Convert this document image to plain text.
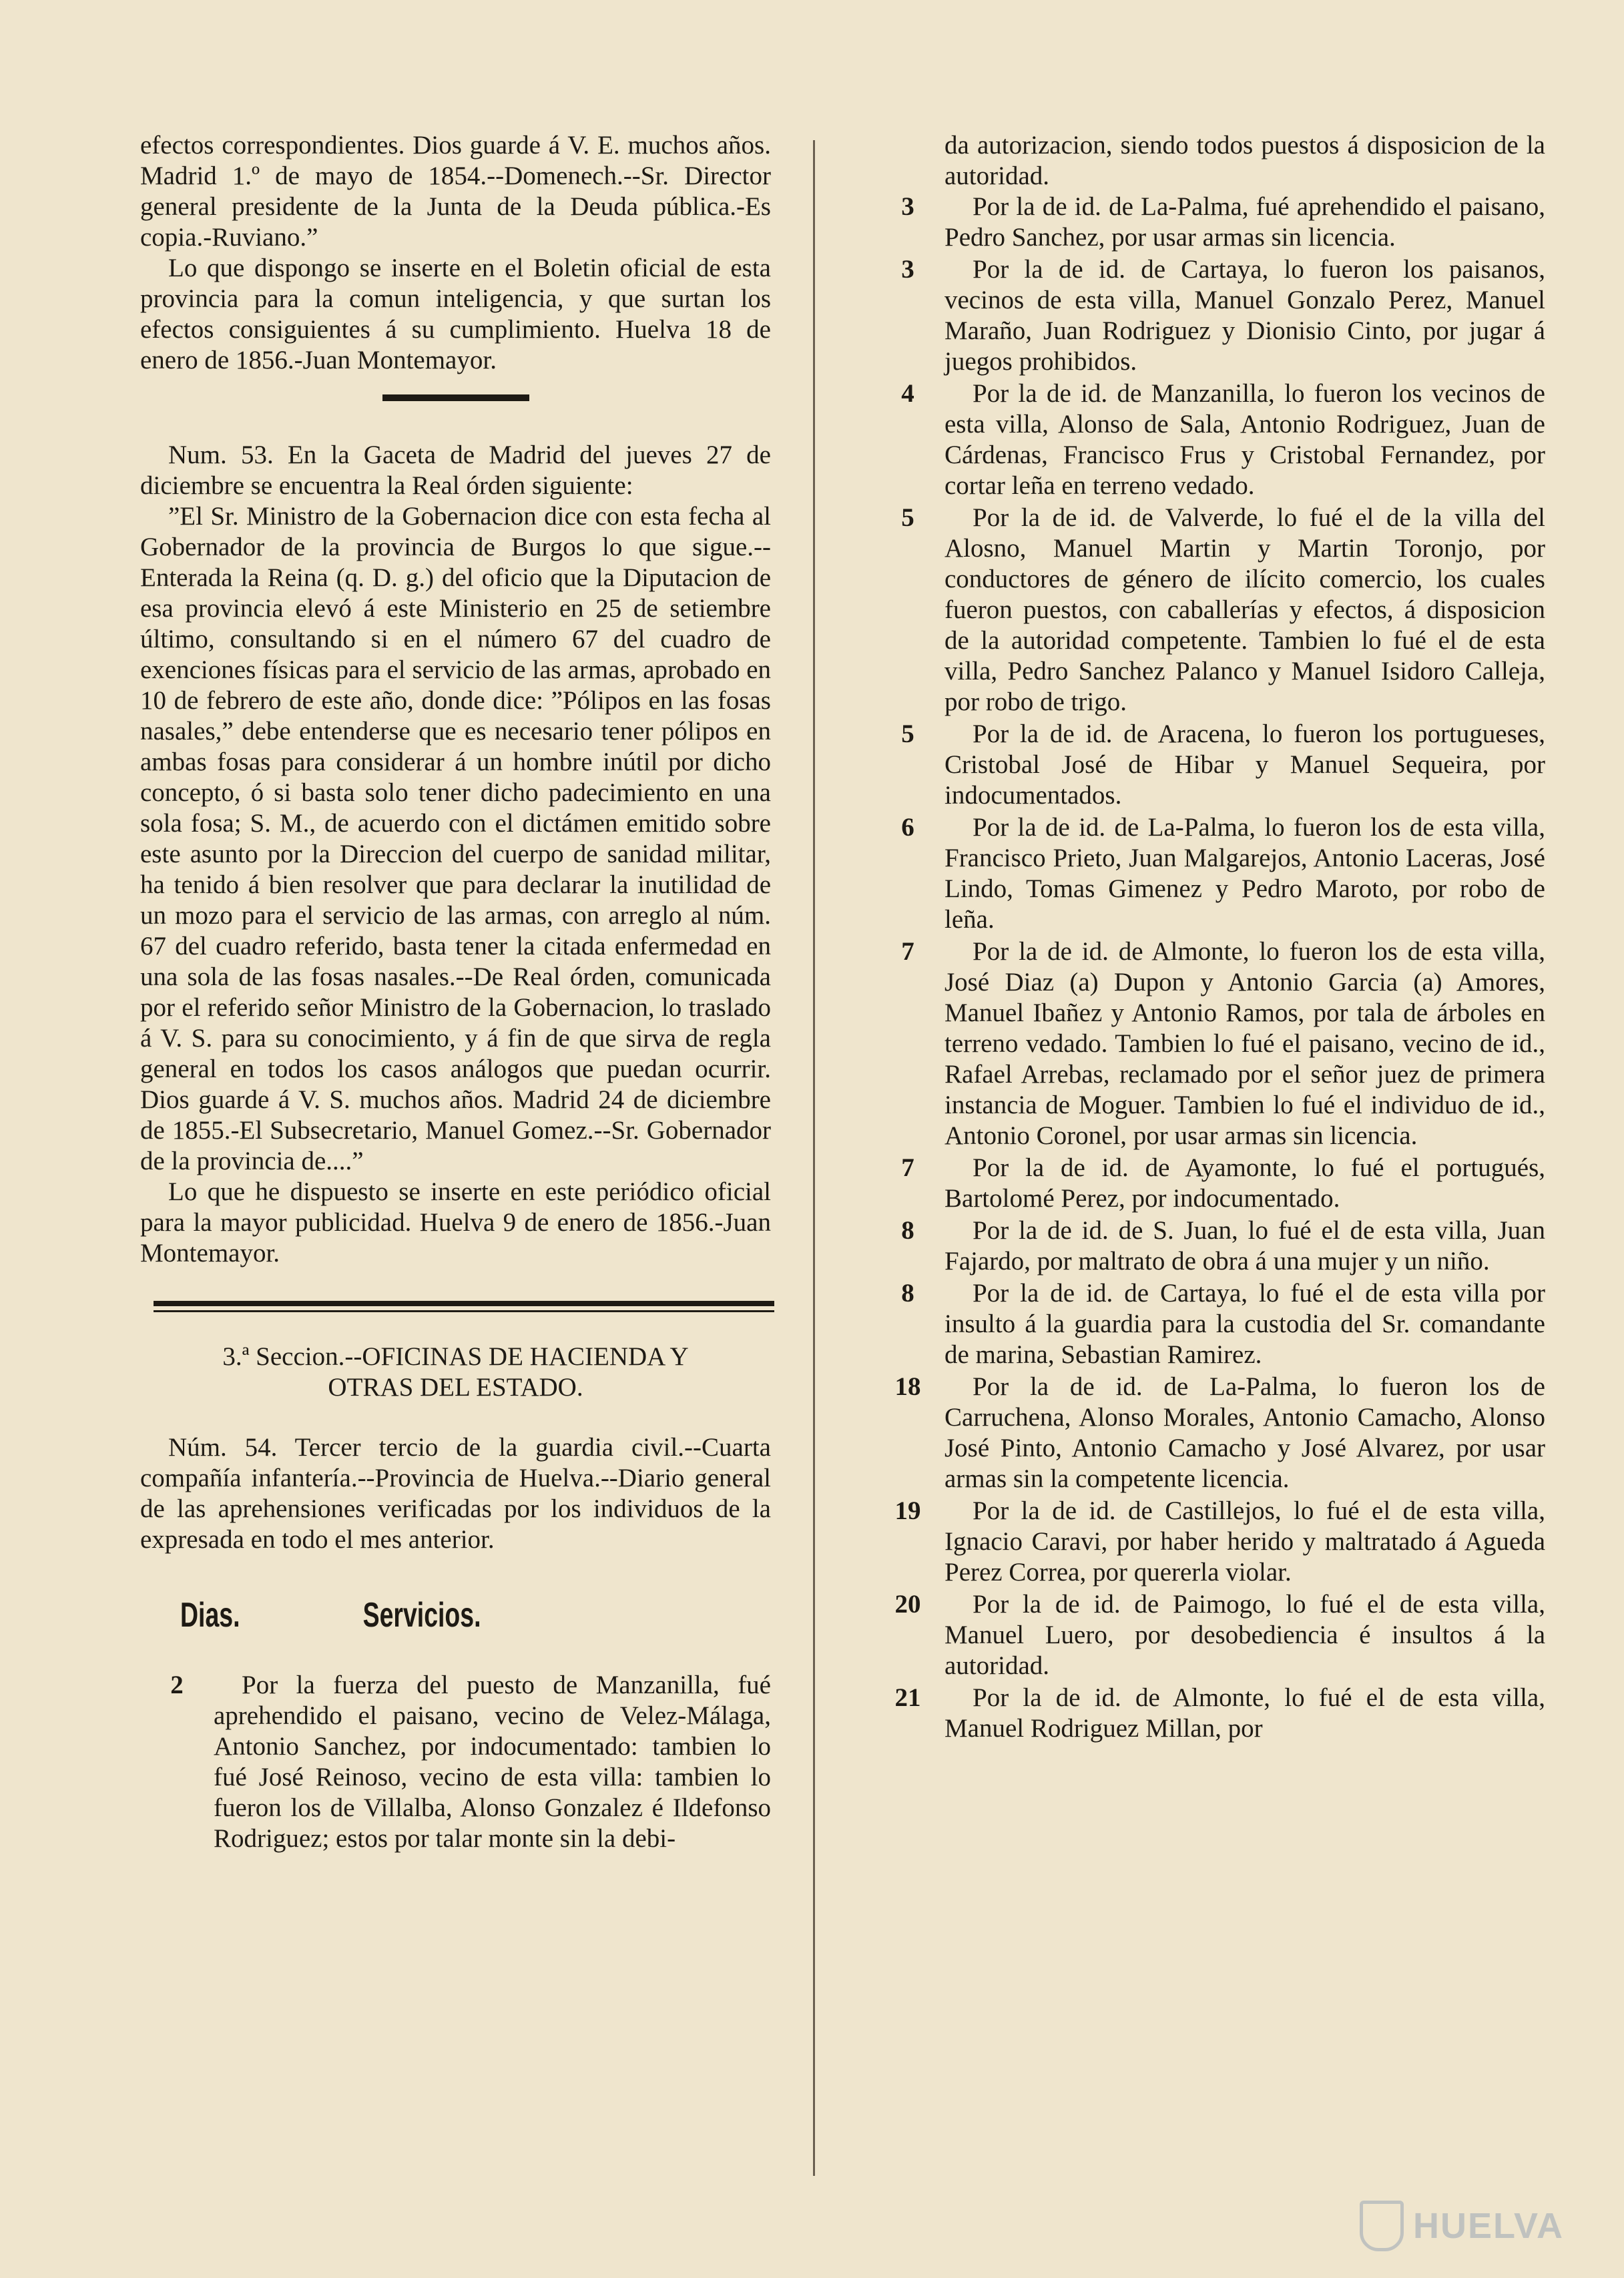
efectos correspondientes. Dios guarde á V. E. muchos años. Madrid 1.º de mayo de 1854.--Domenech.--Sr. Director general presidente de la Junta de la Deuda pública.-Es copia.-Ruviano.”

Lo que dispongo se inserte en el Boletin oficial de esta provincia para la comun inteligencia, y que surtan los efectos consiguientes á su cumplimiento. Huelva 18 de enero de 1856.-Juan Montemayor.

Num. 53. En la Gaceta de Madrid del jueves 27 de diciembre se encuentra la Real órden siguiente:

”El Sr. Ministro de la Gobernacion dice con esta fecha al Gobernador de la provincia de Burgos lo que sigue.--Enterada la Reina (q. D. g.) del oficio que la Diputacion de esa provincia elevó á este Ministerio en 25 de setiembre último, consultando si en el número 67 del cuadro de exenciones físicas para el servicio de las armas, aprobado en 10 de febrero de este año, donde dice: ”Pólipos en las fosas nasales,” debe entenderse que es necesario tener pólipos en ambas fosas para considerar á un hombre inútil por dicho concepto, ó si basta solo tener dicho padecimiento en una sola fosa; S. M., de acuerdo con el dictámen emitido sobre este asunto por la Direccion del cuerpo de sanidad militar, ha tenido á bien resolver que para declarar la inutilidad de un mozo para el servicio de las armas, con arreglo al núm. 67 del cuadro referido, basta tener la citada enfermedad en una sola de las fosas nasales.--De Real órden, comunicada por el referido señor Ministro de la Gobernacion, lo traslado á V. S. para su conocimiento, y á fin de que sirva de regla general en todos los casos análogos que puedan ocurrir. Dios guarde á V. S. muchos años. Madrid 24 de diciembre de 1855.-El Subsecretario, Manuel Gomez.--Sr. Gobernador de la provincia de....”

Lo que he dispuesto se inserte en este periódico oficial para la mayor publicidad. Huelva 9 de enero de 1856.-Juan Montemayor.

3.ª Seccion.--OFICINAS DE HACIENDA Y
OTRAS DEL ESTADO.

Núm. 54. Tercer tercio de la guardia civil.--Cuarta compañía infantería.--Provincia de Huelva.--Diario general de las aprehensiones verificadas por los individuos de la expresada en todo el mes anterior.

Dias.	Servicios.
2	Por la fuerza del puesto de Manzanilla, fué aprehendido el paisano, vecino de Velez-Málaga, Antonio Sanchez, por indocumentado: tambien lo fué José Reinoso, vecino de esta villa: tambien lo fueron los de Villalba, Alonso Gonzalez é Ildefonso Rodriguez; estos por talar monte sin la debi-

da autorizacion, siendo todos puestos á disposicion de la autoridad.

3	Por la de id. de La-Palma, fué aprehendido el paisano, Pedro Sanchez, por usar armas sin licencia.

3	Por la de id. de Cartaya, lo fueron los paisanos, vecinos de esta villa, Manuel Gonzalo Perez, Manuel Maraño, Juan Rodriguez y Dionisio Cinto, por jugar á juegos prohibidos.

4	Por la de id. de Manzanilla, lo fueron los vecinos de esta villa, Alonso de Sala, Antonio Rodriguez, Juan de Cárdenas, Francisco Frus y Cristobal Fernandez, por cortar leña en terreno vedado.

5	Por la de id. de Valverde, lo fué el de la villa del Alosno, Manuel Martin y Martin Toronjo, por conductores de género de ilícito comercio, los cuales fueron puestos, con caballerías y efectos, á disposicion de la autoridad competente. Tambien lo fué el de esta villa, Pedro Sanchez Palanco y Manuel Isidoro Calleja, por robo de trigo.

5	Por la de id. de Aracena, lo fueron los portugueses, Cristobal José de Hibar y Manuel Sequeira, por indocumentados.

6	Por la de id. de La-Palma, lo fueron los de esta villa, Francisco Prieto, Juan Malgarejos, Antonio Laceras, José Lindo, Tomas Gimenez y Pedro Maroto, por robo de leña.

7	Por la de id. de Almonte, lo fueron los de esta villa, José Diaz (a) Dupon y Antonio Garcia (a) Amores, Manuel Ibañez y Antonio Ramos, por tala de árboles en terreno vedado. Tambien lo fué el paisano, vecino de id., Rafael Arrebas, reclamado por el señor juez de primera instancia de Moguer. Tambien lo fué el individuo de id., Antonio Coronel, por usar armas sin licencia.

7	Por la de id. de Ayamonte, lo fué el portugués, Bartolomé Perez, por indocumentado.

8	Por la de id. de S. Juan, lo fué el de esta villa, Juan Fajardo, por maltrato de obra á una mujer y un niño.

8	Por la de id. de Cartaya, lo fué el de esta villa por insulto á la guardia para la custodia del Sr. comandante de marina, Sebastian Ramirez.

18	Por la de id. de La-Palma, lo fueron los de Carruchena, Alonso Morales, Antonio Camacho, Alonso José Pinto, Antonio Camacho y José Alvarez, por usar armas sin la competente licencia.

19	Por la de id. de Castillejos, lo fué el de esta villa, Ignacio Caravi, por haber herido y maltratado á Agueda Perez Correa, por quererla violar.

20	Por la de id. de Paimogo, lo fué el de esta villa, Manuel Luero, por desobediencia é insultos á la autoridad.

21	Por la de id. de Almonte, lo fué el de esta villa, Manuel Rodriguez Millan, por

HUELVA
